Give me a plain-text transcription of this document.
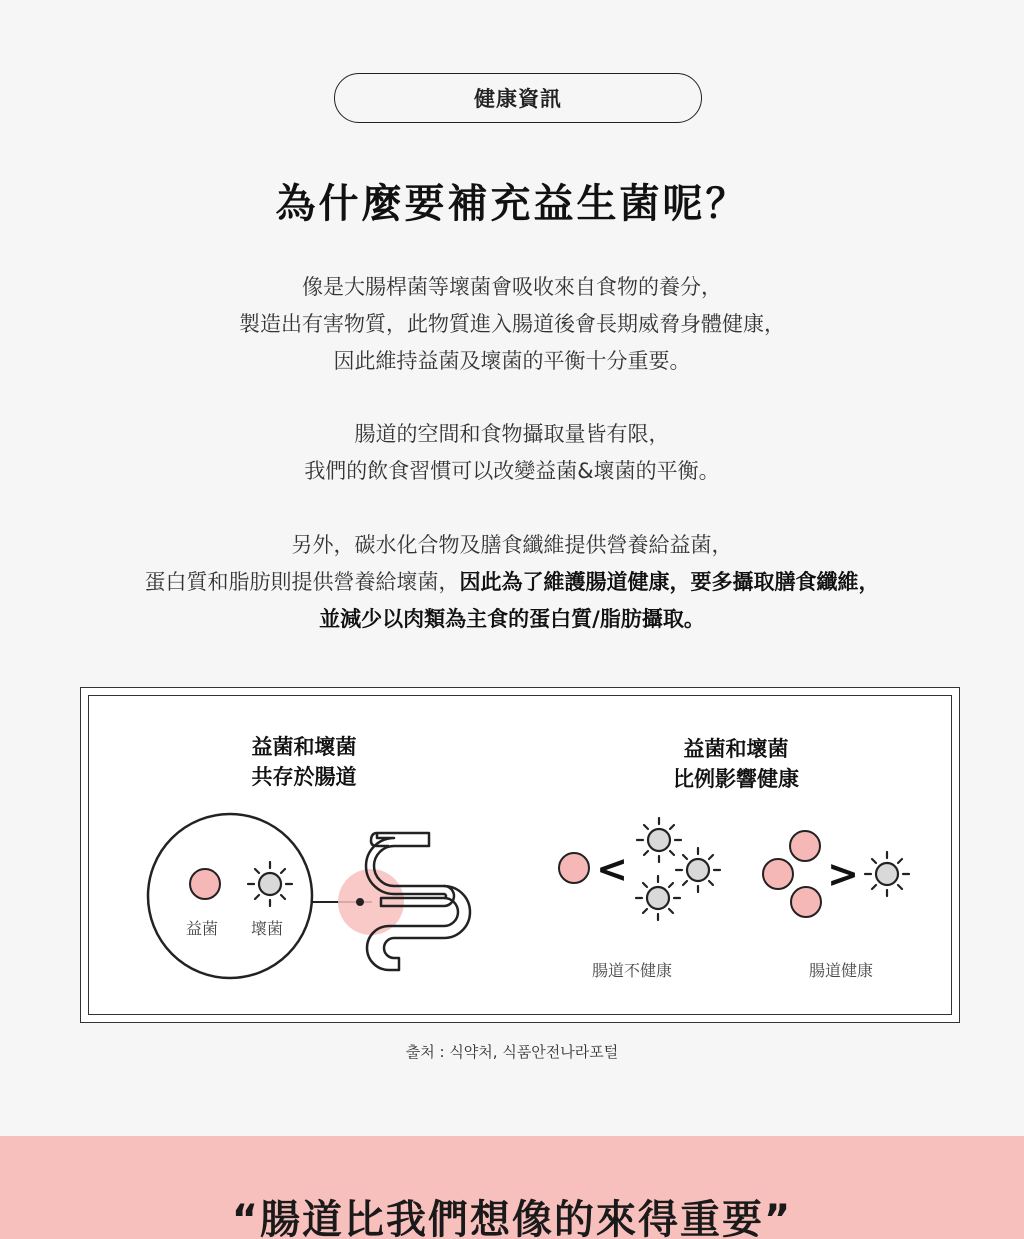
健康資訊
為什麼要補充益生菌呢？

像是大腸桿菌等壞菌會吸收來自食物的養分，

製造出有害物質，此物質進入腸道後會長期威脅身體健康，

因此維持益菌及壞菌的平衡十分重要。

腸道的空間和食物攝取量皆有限，

我們的飲食習慣可以改變益菌&壞菌的平衡。

另外，碳水化合物及膳食纖維提供營養給益菌，

蛋白質和脂肪則提供營養給壞菌，因此為了維護腸道健康，要多攝取膳食纖維，

並減少以肉類為主食的蛋白質/脂肪攝取。

<	>
益菌和壞菌
共存於腸道
益菌和壞菌
比例影響健康
益菌 壞菌
腸道不健康	腸道健康
출처 : 식약처, 식품안전나라포털
“腸道比我們想像的來得重要”
